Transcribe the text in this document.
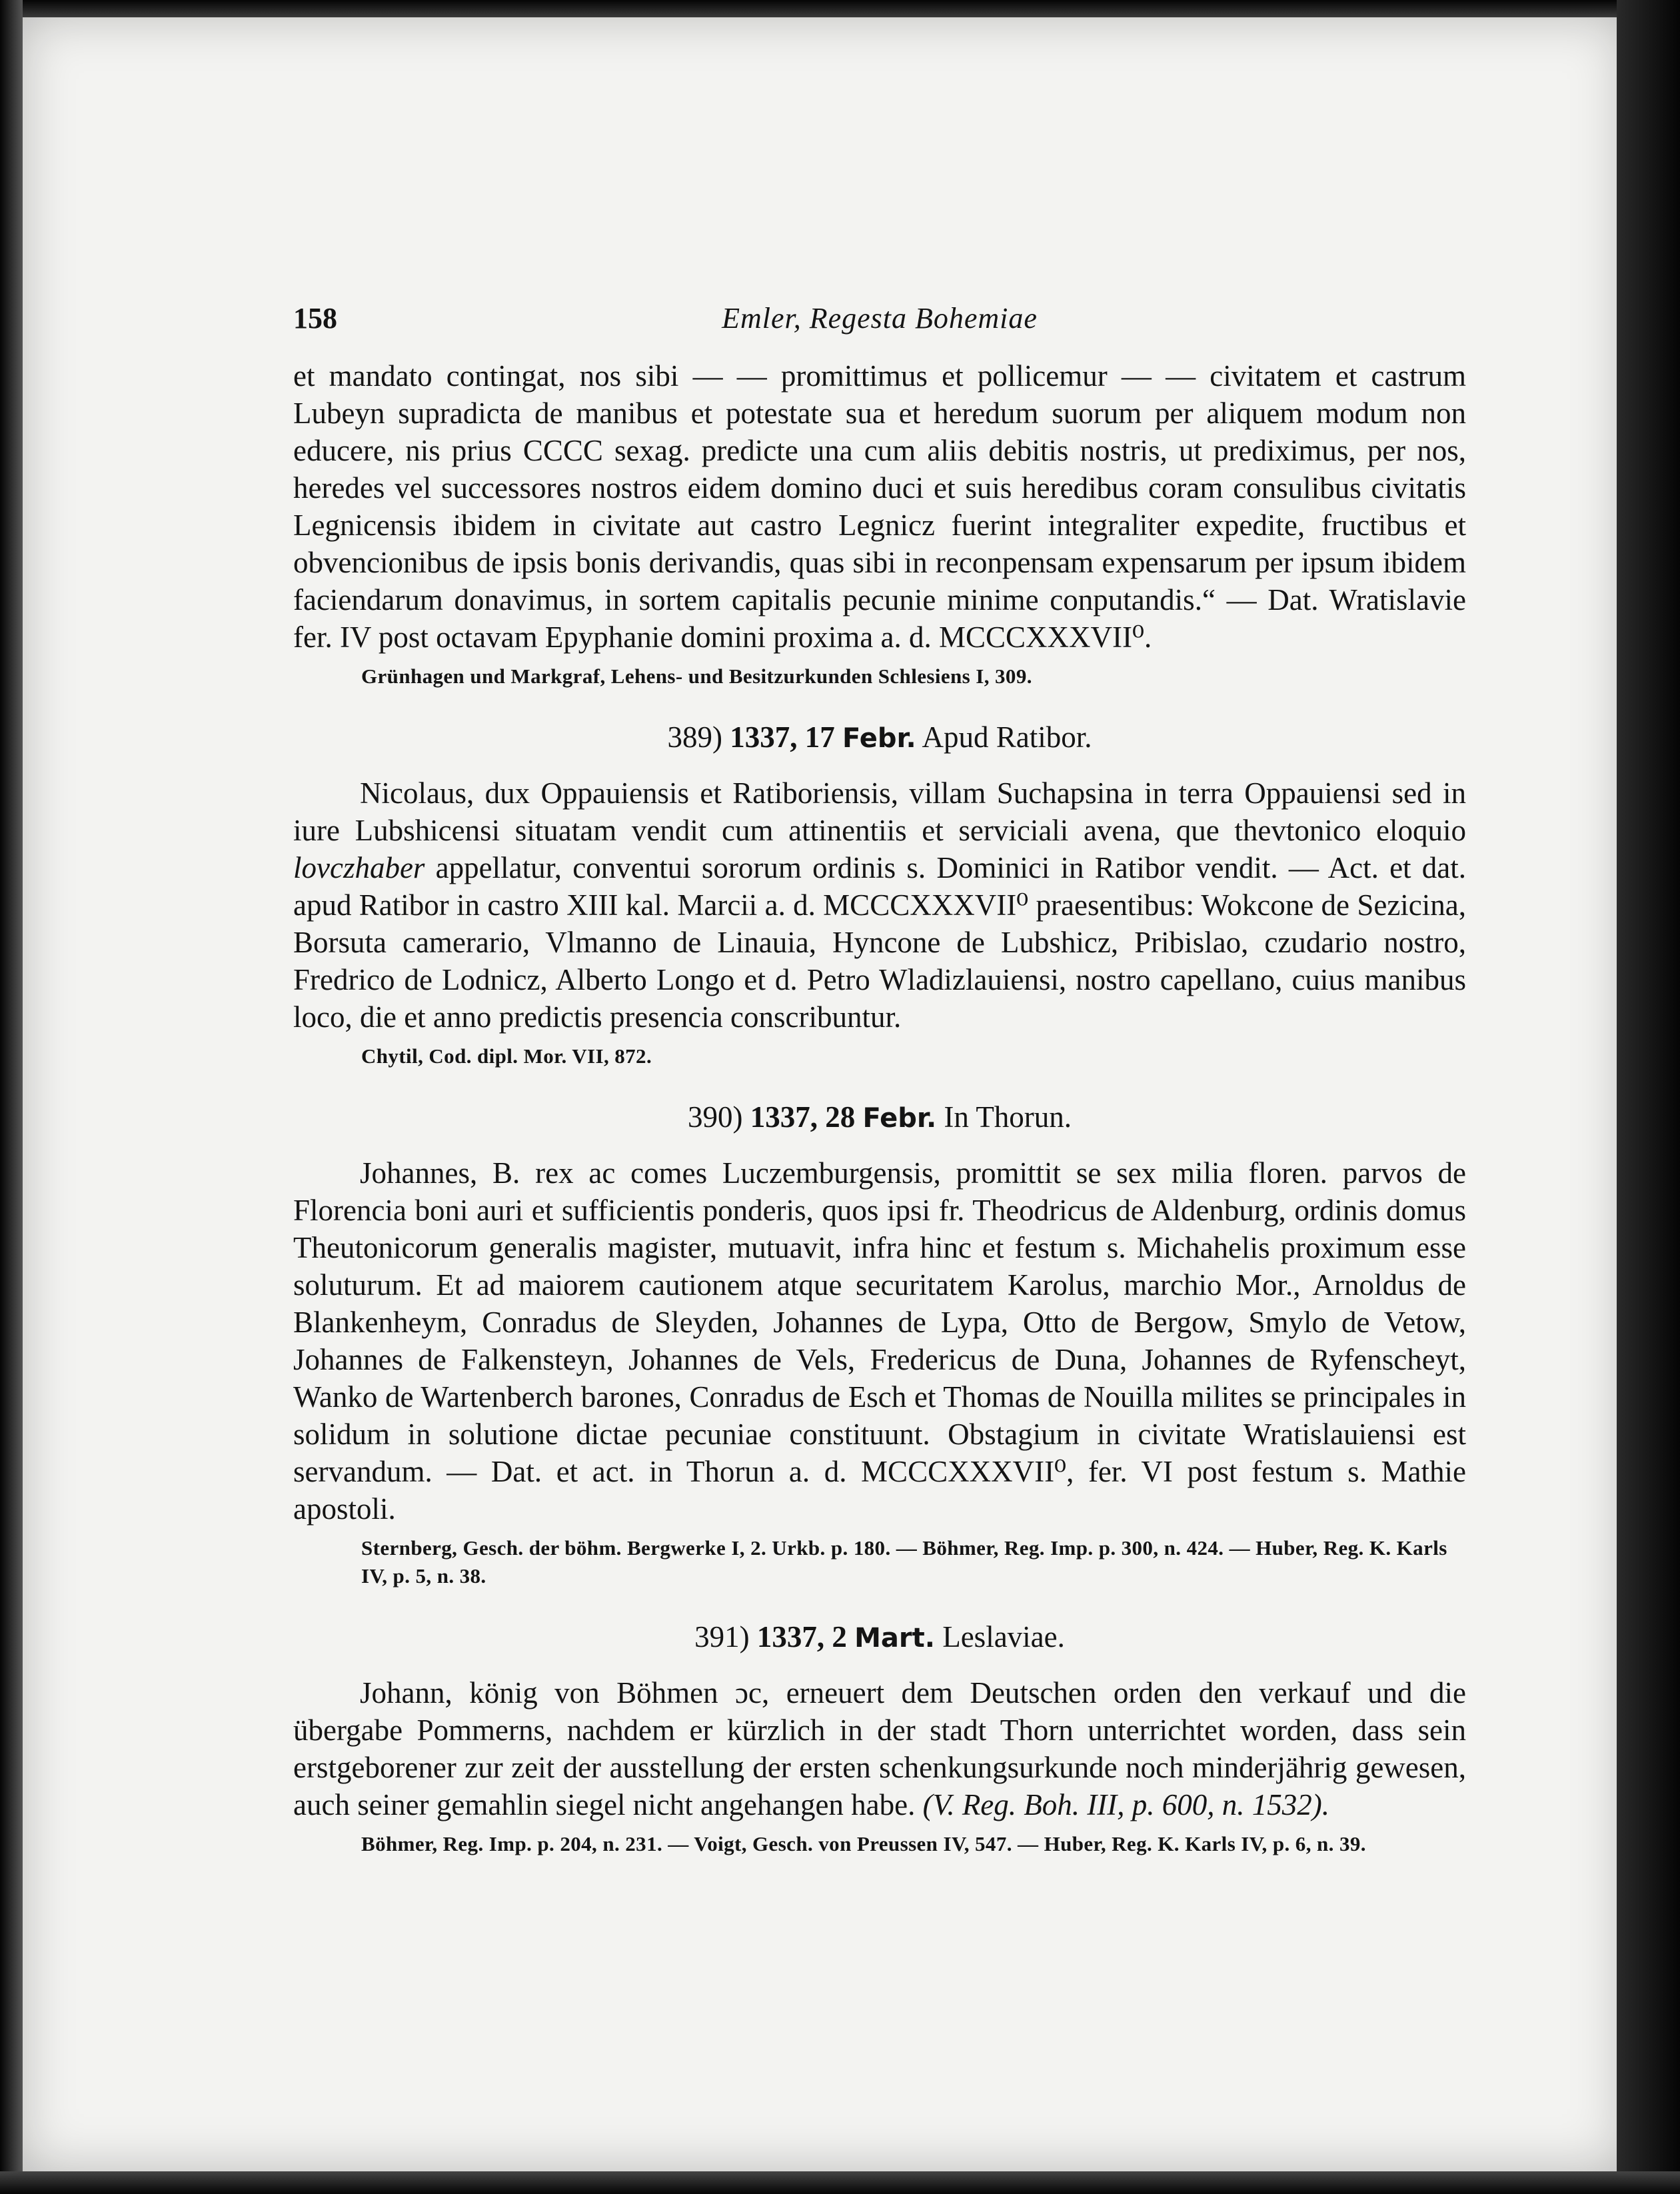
158	Emler, Regesta Bohemiae

et mandato contingat, nos sibi — — promittimus et pollicemur — — civitatem et castrum Lubeyn supradicta de manibus et potestate sua et heredum suorum per aliquem modum non educere, nis prius CCCC sexag. predicte una cum aliis debitis nostris, ut prediximus, per nos, heredes vel successores nostros eidem domino duci et suis heredibus coram consulibus civitatis Legnicensis ibidem in civitate aut castro Legnicz fuerint integraliter expedite, fructibus et obvencionibus de ipsis bonis derivandis, quas sibi in reconpensam expensarum per ipsum ibidem faciendarum donavimus, in sortem capitalis pecunie minime conputandis.“ — Dat. Wratislavie fer. IV post octavam Epyphanie domini proxima a. d. MCCCXXXVII⁰.

Grünhagen und Markgraf, Lehens- und Besitzurkunden Schlesiens I, 309.

389) 1337, 17 Febr. Apud Ratibor.

Nicolaus, dux Oppauiensis et Ratiboriensis, villam Suchapsina in terra Oppauiensi sed in iure Lubshicensi situatam vendit cum attinentiis et serviciali avena, que thevtonico eloquio lovczhaber appellatur, conventui sororum ordinis s. Dominici in Ratibor vendit. — Act. et dat. apud Ratibor in castro XIII kal. Marcii a. d. MCCCXXXVII⁰ praesentibus: Wokcone de Sezicina, Borsuta camerario, Vlmanno de Linauia, Hyncone de Lubshicz, Pribislao, czudario nostro, Fredrico de Lodnicz, Alberto Longo et d. Petro Wladizlauiensi, nostro capellano, cuius manibus loco, die et anno predictis presencia conscribuntur.

Chytil, Cod. dipl. Mor. VII, 872.

390) 1337, 28 Febr. In Thorun.

Johannes, B. rex ac comes Luczemburgensis, promittit se sex milia floren. parvos de Florencia boni auri et sufficientis ponderis, quos ipsi fr. Theodricus de Aldenburg, ordinis domus Theutonicorum generalis magister, mutuavit, infra hinc et festum s. Michahelis proximum esse soluturum. Et ad maiorem cautionem atque securitatem Karolus, marchio Mor., Arnoldus de Blankenheym, Conradus de Sleyden, Johannes de Lypa, Otto de Bergow, Smylo de Vetow, Johannes de Falkensteyn, Johannes de Vels, Fredericus de Duna, Johannes de Ryfenscheyt, Wanko de Wartenberch barones, Conradus de Esch et Thomas de Nouilla milites se principales in solidum in solutione dictae pecuniae constituunt. Obstagium in civitate Wratislauiensi est servandum. — Dat. et act. in Thorun a. d. MCCCXXXVII⁰, fer. VI post festum s. Mathie apostoli.

Sternberg, Gesch. der böhm. Bergwerke I, 2. Urkb. p. 180. — Böhmer, Reg. Imp. p. 300, n. 424. — Huber, Reg. K. Karls IV, p. 5, n. 38.

391) 1337, 2 Mart. Leslaviae.

Johann, könig von Böhmen ɔc, erneuert dem Deutschen orden den verkauf und die übergabe Pommerns, nachdem er kürzlich in der stadt Thorn unterrichtet worden, dass sein erstgeborener zur zeit der ausstellung der ersten schenkungsurkunde noch minderjährig gewesen, auch seiner gemahlin siegel nicht angehangen habe. (V. Reg. Boh. III, p. 600, n. 1532).

Böhmer, Reg. Imp. p. 204, n. 231. — Voigt, Gesch. von Preussen IV, 547. — Huber, Reg. K. Karls IV, p. 6, n. 39.
